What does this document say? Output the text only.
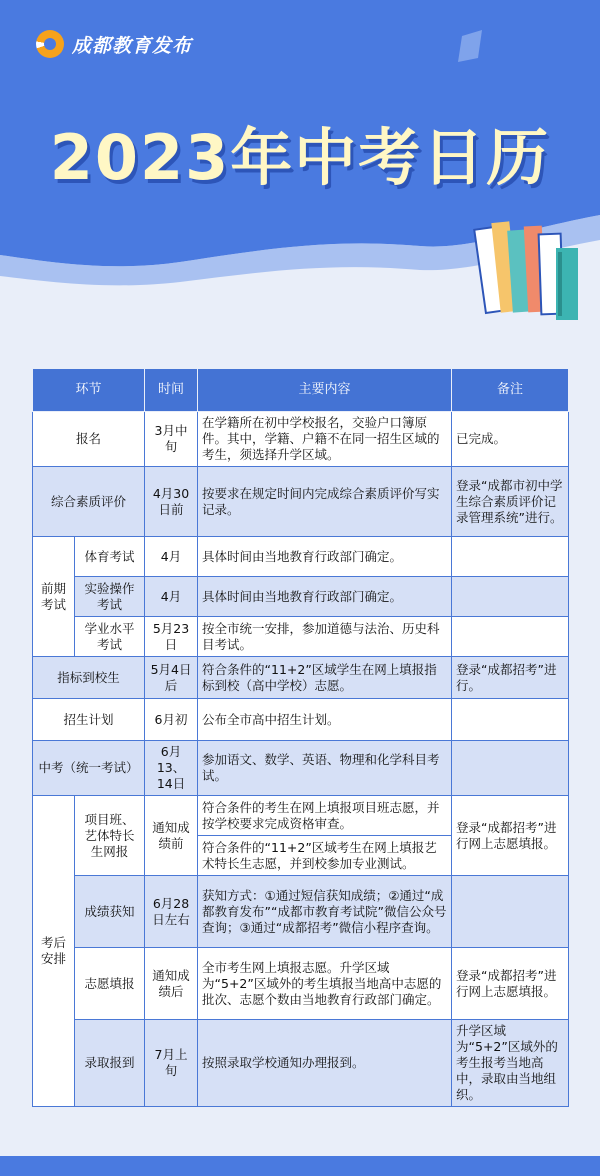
成都教育发布
2023年中考日历
环节		时间	主要内容	备注
报名		3月中旬	在学籍所在初中学校报名，交验户口簿原件。其中，学籍、户籍不在同一招生区域的考生，须选择升学区域。	已完成。
综合素质评价		4月30日前	按要求在规定时间内完成综合素质评价写实记录。	登录“成都市初中学生综合素质评价记录管理系统”进行。
前期考试	体育考试	4月	具体时间由当地教育行政部门确定。	
	实验操作考试	4月	具体时间由当地教育行政部门确定。	
	学业水平考试	5月23日	按全市统一安排，参加道德与法治、历史科目考试。	
指标到校生		5月4日后	符合条件的“11+2”区域学生在网上填报指标到校（高中学校）志愿。	登录“成都招考”进行。
招生计划		6月初	公布全市高中招生计划。	
中考（统一考试）		6月13、14日	参加语文、数学、英语、物理和化学科目考试。	
考后安排	项目班、艺体特长生网报	通知成绩前	符合条件的考生在网上填报项目班志愿，并按学校要求完成资格审查。	登录“成都招考”进行网上志愿填报。
			符合条件的“11+2”区域考生在网上填报艺术特长生志愿，并到校参加专业测试。	
	成绩获知	6月28日左右	获知方式：①通过短信获知成绩；②通过“成都教育发布”“成都市教育考试院”微信公众号查询；③通过“成都招考”微信小程序查询。	
	志愿填报	通知成绩后	全市考生网上填报志愿。升学区域为“5+2”区域外的考生填报当地高中志愿的批次、志愿个数由当地教育行政部门确定。	登录“成都招考”进行网上志愿填报。
	录取报到	7月上旬	按照录取学校通知办理报到。	升学区域为“5+2”区域外的考生报考当地高中，录取由当地组织。
